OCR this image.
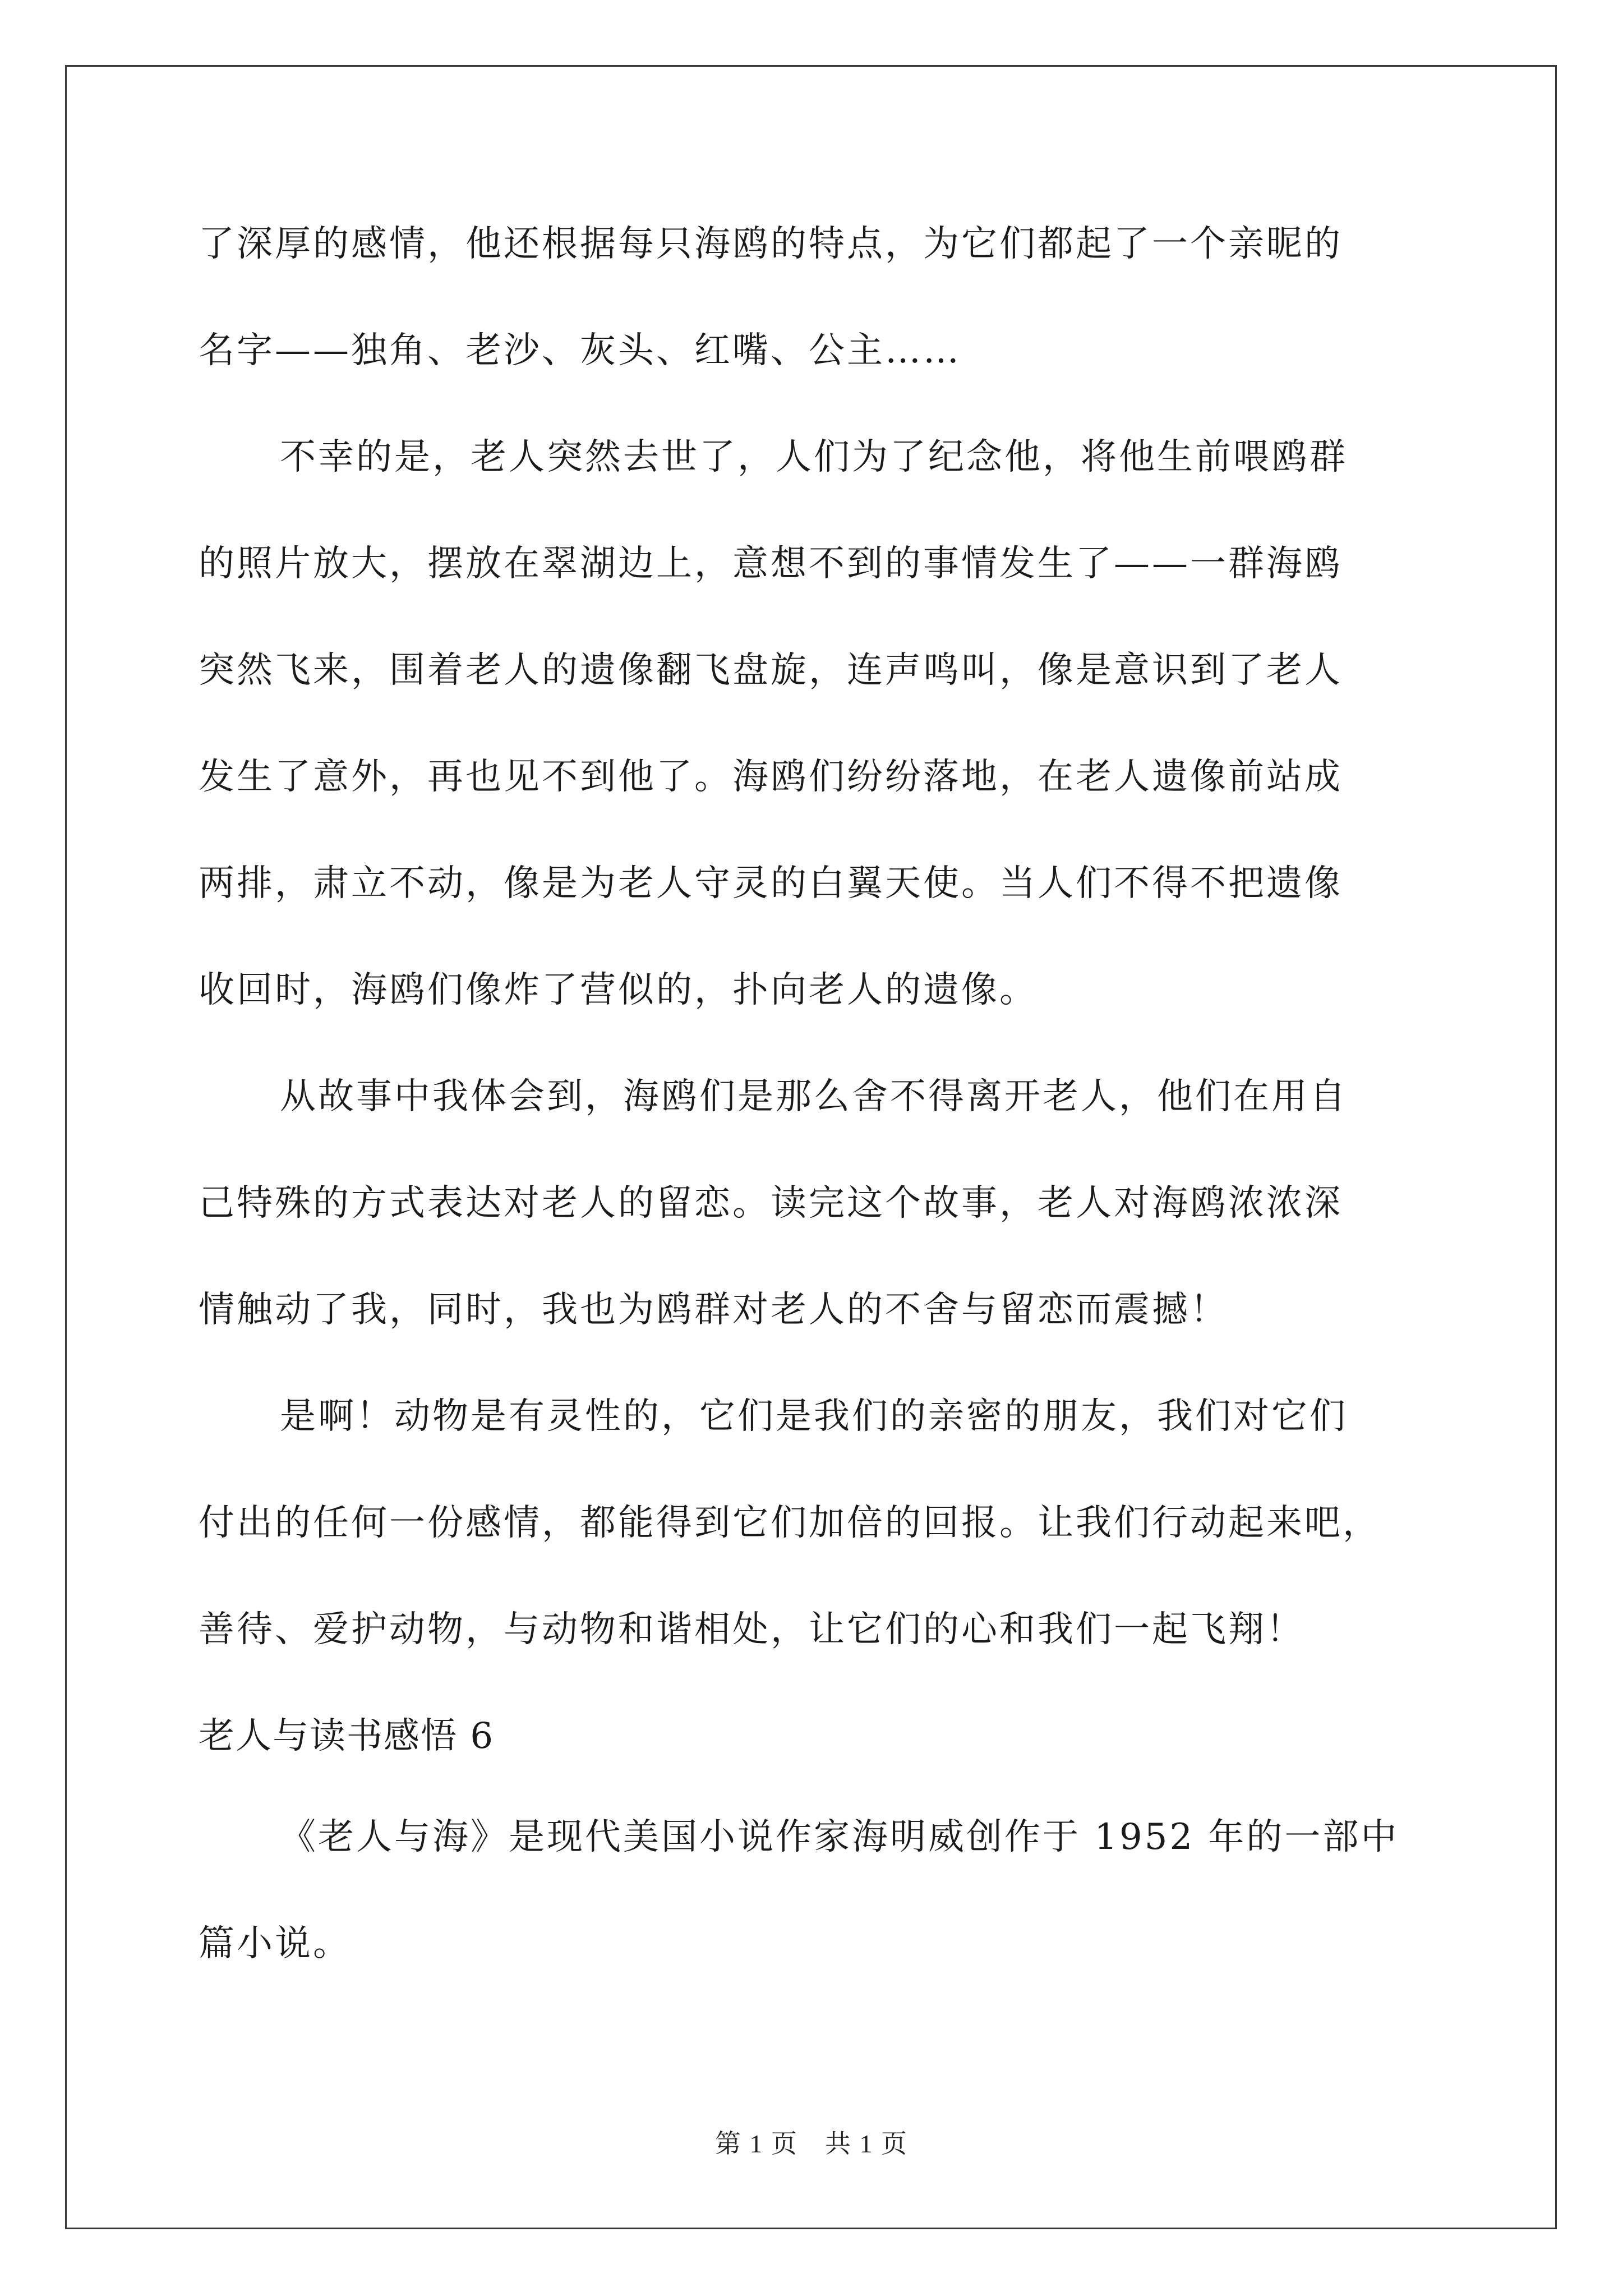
了深厚的感情，他还根据每只海鸥的特点，为它们都起了一个亲昵的
名字——独角、老沙、灰头、红嘴、公主……
不幸的是，老人突然去世了，人们为了纪念他，将他生前喂鸥群
的照片放大，摆放在翠湖边上，意想不到的事情发生了——一群海鸥
突然飞来，围着老人的遗像翻飞盘旋，连声鸣叫，像是意识到了老人
发生了意外，再也见不到他了。海鸥们纷纷落地，在老人遗像前站成
两排，肃立不动，像是为老人守灵的白翼天使。当人们不得不把遗像
收回时，海鸥们像炸了营似的，扑向老人的遗像。
从故事中我体会到，海鸥们是那么舍不得离开老人，他们在用自
己特殊的方式表达对老人的留恋。读完这个故事，老人对海鸥浓浓深
情触动了我，同时，我也为鸥群对老人的不舍与留恋而震撼！
是啊！动物是有灵性的，它们是我们的亲密的朋友，我们对它们
付出的任何一份感情，都能得到它们加倍的回报。让我们行动起来吧，
善待、爱护动物，与动物和谐相处，让它们的心和我们一起飞翔！
老人与读书感悟 6
《老人与海》是现代美国小说作家海明威创作于 1952 年的一部中
篇小说。
第 1 页　共 1 页
